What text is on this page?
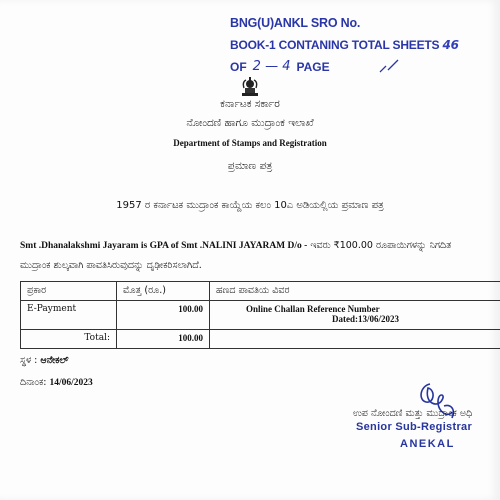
BNG(U)ANKL SRO No.
BOOK-1 CONTANING TOTAL SHEETS 46
OF 2 — 4 PAGE
ಕರ್ನಾಟಕ ಸರ್ಕಾರ
ನೋಂದಣಿ ಹಾಗೂ ಮುದ್ರಾಂಕ ಇಲಾಖೆ
Department of Stamps and Registration
ಪ್ರಮಾಣ ಪತ್ರ
1957 ರ ಕರ್ನಾಟಕ ಮುದ್ರಾಂಕ ಕಾಯ್ದೆಯ ಕಲಂ 10ಎ ಅಡಿಯಲ್ಲಿಯ ಪ್ರಮಾಣ ಪತ್ರ
Smt .Dhanalakshmi Jayaram is GPA of Smt .NALINI JAYARAM D/o - ಇವರು ₹100.00 ರೂಪಾಯಿಗಳನ್ನು ನಿಗದಿತ
ಮುದ್ರಾಂಕ ಶುಲ್ಕವಾಗಿ ಪಾವತಿಸಿರುವುದನ್ನು ದೃಢೀಕರಿಸಲಾಗಿದೆ.
ಪ್ರಕಾರ	ಮೊತ್ತ (ರೂ.)	ಹಣದ ಪಾವತಿಯ ವಿವರ
E-Payment	100.00	Online Challan Reference Number
Dated:13/06/2023

Total:	100.00	
ಸ್ಥಳ : ಆನೇಕಲ್
ದಿನಾಂಕ: 14/06/2023
ಉಪ ನೋಂದಣಿ ಮತ್ತು ಮುದ್ರಾಂಕ ಅಧಿ
Senior Sub-Registrar
ANEKAL
